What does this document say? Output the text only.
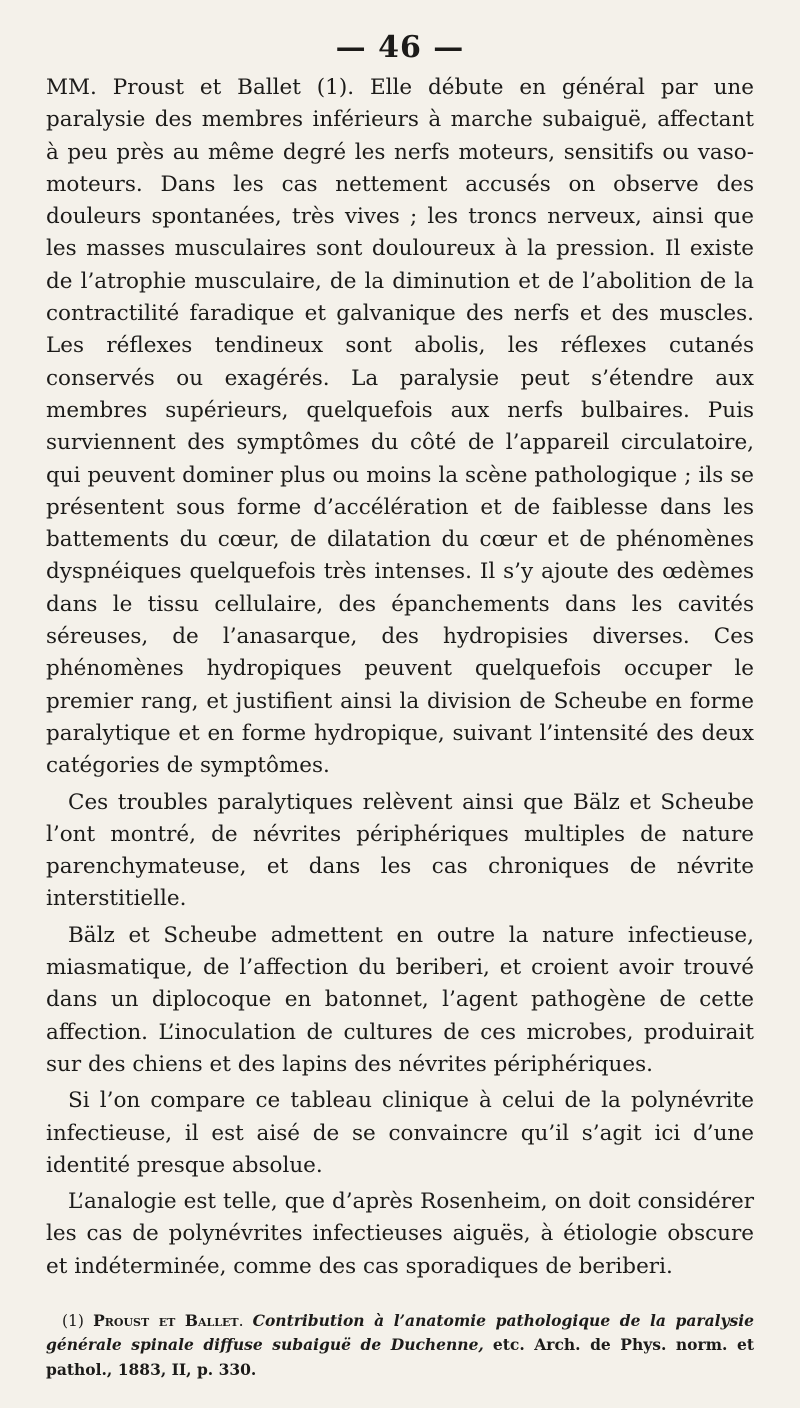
— 46 —

MM. Proust et Ballet (1). Elle débute en général par une paralysie des membres inférieurs à marche subaiguë, affectant à peu près au même degré les nerfs moteurs, sensitifs ou vaso-moteurs. Dans les cas nettement accusés on observe des douleurs spontanées, très vives ; les troncs nerveux, ainsi que les masses musculaires sont douloureux à la pression. Il existe de l’atrophie musculaire, de la diminution et de l’abolition de la contractilité faradique et galvanique des nerfs et des muscles. Les réflexes tendineux sont abolis, les réflexes cutanés conservés ou exagérés. La paralysie peut s’étendre aux membres supérieurs, quelquefois aux nerfs bulbaires. Puis surviennent des symptômes du côté de l’appareil circulatoire, qui peuvent dominer plus ou moins la scène pathologique ; ils se présentent sous forme d’accélération et de faiblesse dans les battements du cœur, de dilatation du cœur et de phénomènes dyspnéiques quelquefois très intenses. Il s’y ajoute des œdèmes dans le tissu cellulaire, des épanchements dans les cavités séreuses, de l’anasarque, des hydropisies diverses. Ces phénomènes hydropiques peuvent quelquefois occuper le premier rang, et justifient ainsi la division de Scheube en forme paralytique et en forme hydropique, suivant l’intensité des deux catégories de symptômes.

Ces troubles paralytiques relèvent ainsi que Bälz et Scheube l’ont montré, de névrites périphériques multiples de nature parenchymateuse, et dans les cas chroniques de névrite interstitielle.

Bälz et Scheube admettent en outre la nature infectieuse, miasmatique, de l’affection du beriberi, et croient avoir trouvé dans un diplocoque en batonnet, l’agent pathogène de cette affection. L’inoculation de cultures de ces microbes, produirait sur des chiens et des lapins des névrites périphériques.

Si l’on compare ce tableau clinique à celui de la polynévrite infectieuse, il est aisé de se convaincre qu’il s’agit ici d’une identité presque absolue.

L’analogie est telle, que d’après Rosenheim, on doit considérer les cas de polynévrites infectieuses aiguës, à étiologie obscure et indéterminée, comme des cas sporadiques de beriberi.

(1) Proust et Ballet. Contribution à l’anatomie pathologique de la paralysie générale spinale diffuse subaiguë de Duchenne, etc. Arch. de Phys. norm. et pathol., 1883, II, p. 330.
